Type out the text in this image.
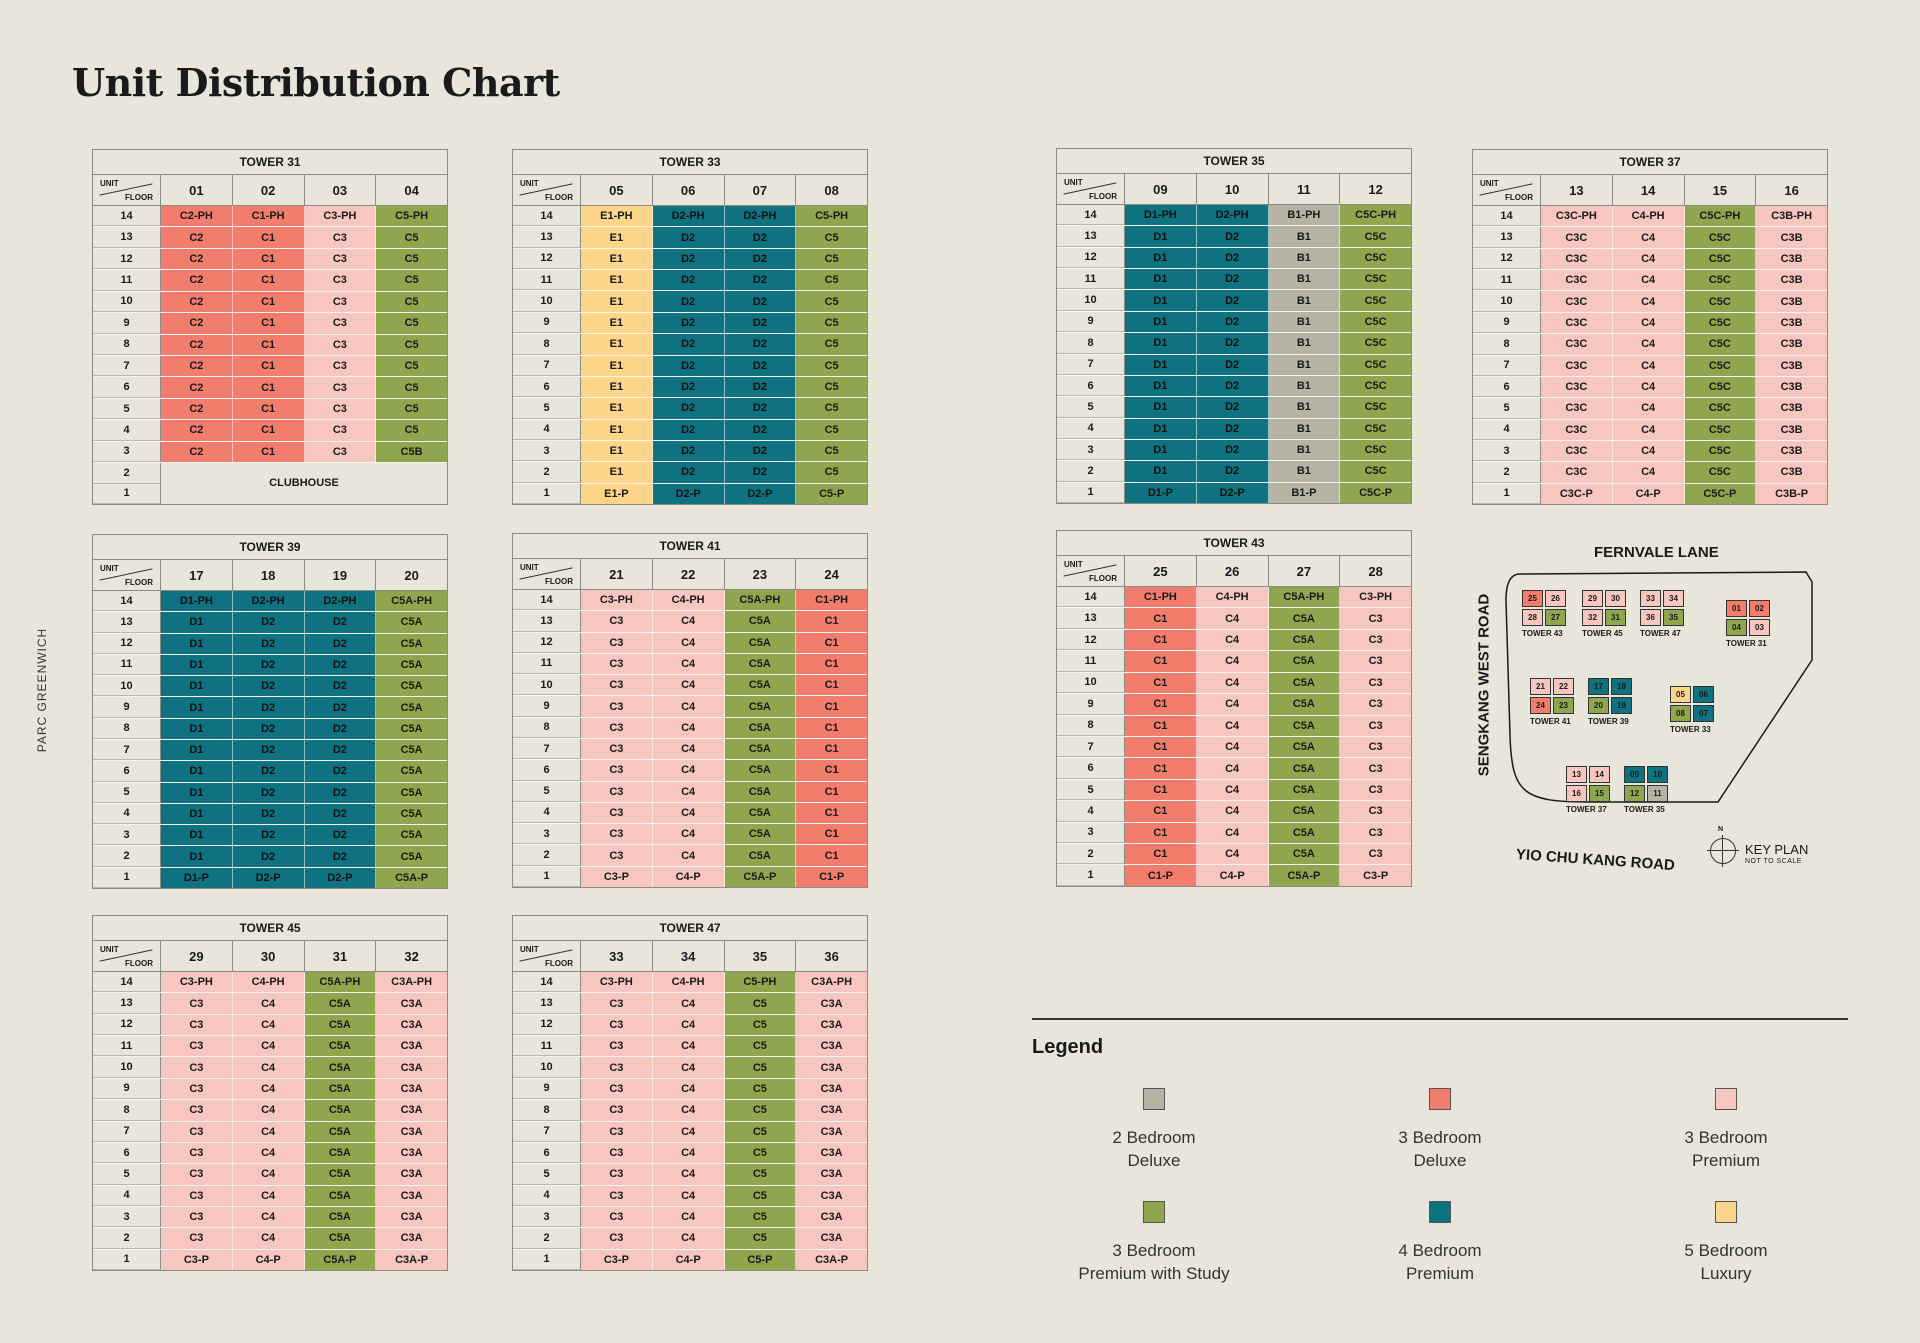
Unit Distribution Chart
PARC GREENWICH
TOWER 31
UNIT
FLOOR	01	02	03	04
14	C2-PH	C1-PH	C3-PH	C5-PH
13	C2	C1	C3	C5
12	C2	C1	C3	C5
11	C2	C1	C3	C5
10	C2	C1	C3	C5
9	C2	C1	C3	C5
8	C2	C1	C3	C5
7	C2	C1	C3	C5
6	C2	C1	C3	C5
5	C2	C1	C3	C5
4	C2	C1	C3	C5
3	C2	C1	C3	C5B
2
1
CLUBHOUSE
TOWER 33
UNIT
FLOOR	05	06	07	08
14	E1-PH	D2-PH	D2-PH	C5-PH
13	E1	D2	D2	C5
12	E1	D2	D2	C5
11	E1	D2	D2	C5
10	E1	D2	D2	C5
9	E1	D2	D2	C5
8	E1	D2	D2	C5
7	E1	D2	D2	C5
6	E1	D2	D2	C5
5	E1	D2	D2	C5
4	E1	D2	D2	C5
3	E1	D2	D2	C5
2	E1	D2	D2	C5
1	E1-P	D2-P	D2-P	C5-P
TOWER 35
UNIT
FLOOR	09	10	11	12
14	D1-PH	D2-PH	B1-PH	C5C-PH
13	D1	D2	B1	C5C
12	D1	D2	B1	C5C
11	D1	D2	B1	C5C
10	D1	D2	B1	C5C
9	D1	D2	B1	C5C
8	D1	D2	B1	C5C
7	D1	D2	B1	C5C
6	D1	D2	B1	C5C
5	D1	D2	B1	C5C
4	D1	D2	B1	C5C
3	D1	D2	B1	C5C
2	D1	D2	B1	C5C
1	D1-P	D2-P	B1-P	C5C-P
TOWER 37
UNIT
FLOOR	13	14	15	16
14	C3C-PH	C4-PH	C5C-PH	C3B-PH
13	C3C	C4	C5C	C3B
12	C3C	C4	C5C	C3B
11	C3C	C4	C5C	C3B
10	C3C	C4	C5C	C3B
9	C3C	C4	C5C	C3B
8	C3C	C4	C5C	C3B
7	C3C	C4	C5C	C3B
6	C3C	C4	C5C	C3B
5	C3C	C4	C5C	C3B
4	C3C	C4	C5C	C3B
3	C3C	C4	C5C	C3B
2	C3C	C4	C5C	C3B
1	C3C-P	C4-P	C5C-P	C3B-P
TOWER 39
UNIT
FLOOR	17	18	19	20
14	D1-PH	D2-PH	D2-PH	C5A-PH
13	D1	D2	D2	C5A
12	D1	D2	D2	C5A
11	D1	D2	D2	C5A
10	D1	D2	D2	C5A
9	D1	D2	D2	C5A
8	D1	D2	D2	C5A
7	D1	D2	D2	C5A
6	D1	D2	D2	C5A
5	D1	D2	D2	C5A
4	D1	D2	D2	C5A
3	D1	D2	D2	C5A
2	D1	D2	D2	C5A
1	D1-P	D2-P	D2-P	C5A-P
TOWER 41
UNIT
FLOOR	21	22	23	24
14	C3-PH	C4-PH	C5A-PH	C1-PH
13	C3	C4	C5A	C1
12	C3	C4	C5A	C1
11	C3	C4	C5A	C1
10	C3	C4	C5A	C1
9	C3	C4	C5A	C1
8	C3	C4	C5A	C1
7	C3	C4	C5A	C1
6	C3	C4	C5A	C1
5	C3	C4	C5A	C1
4	C3	C4	C5A	C1
3	C3	C4	C5A	C1
2	C3	C4	C5A	C1
1	C3-P	C4-P	C5A-P	C1-P
TOWER 43
UNIT
FLOOR	25	26	27	28
14	C1-PH	C4-PH	C5A-PH	C3-PH
13	C1	C4	C5A	C3
12	C1	C4	C5A	C3
11	C1	C4	C5A	C3
10	C1	C4	C5A	C3
9	C1	C4	C5A	C3
8	C1	C4	C5A	C3
7	C1	C4	C5A	C3
6	C1	C4	C5A	C3
5	C1	C4	C5A	C3
4	C1	C4	C5A	C3
3	C1	C4	C5A	C3
2	C1	C4	C5A	C3
1	C1-P	C4-P	C5A-P	C3-P
TOWER 45
UNIT
FLOOR	29	30	31	32
14	C3-PH	C4-PH	C5A-PH	C3A-PH
13	C3	C4	C5A	C3A
12	C3	C4	C5A	C3A
11	C3	C4	C5A	C3A
10	C3	C4	C5A	C3A
9	C3	C4	C5A	C3A
8	C3	C4	C5A	C3A
7	C3	C4	C5A	C3A
6	C3	C4	C5A	C3A
5	C3	C4	C5A	C3A
4	C3	C4	C5A	C3A
3	C3	C4	C5A	C3A
2	C3	C4	C5A	C3A
1	C3-P	C4-P	C5A-P	C3A-P
TOWER 47
UNIT
FLOOR	33	34	35	36
14	C3-PH	C4-PH	C5-PH	C3A-PH
13	C3	C4	C5	C3A
12	C3	C4	C5	C3A
11	C3	C4	C5	C3A
10	C3	C4	C5	C3A
9	C3	C4	C5	C3A
8	C3	C4	C5	C3A
7	C3	C4	C5	C3A
6	C3	C4	C5	C3A
5	C3	C4	C5	C3A
4	C3	C4	C5	C3A
3	C3	C4	C5	C3A
2	C3	C4	C5	C3A
1	C3-P	C4-P	C5-P	C3A-P
Legend
2 Bedroom
Deluxe
3 Bedroom
Deluxe
3 Bedroom
Premium
3 Bedroom
Premium with Study
4 Bedroom
Premium
5 Bedroom
Luxury
FERNVALE LANE
SENGKANG WEST ROAD
YIO CHU KANG ROAD
N
KEY PLAN
NOT TO SCALE
25	26
28	27
TOWER 43
29	30
32	31
TOWER 45
33	34
36	35
TOWER 47
01	02
04	03
TOWER 31
21	22
24	23
TOWER 41
17	18
20	19
TOWER 39
05	06
08	07
TOWER 33
13	14
16	15
TOWER 37
09	10
12	11
TOWER 35
